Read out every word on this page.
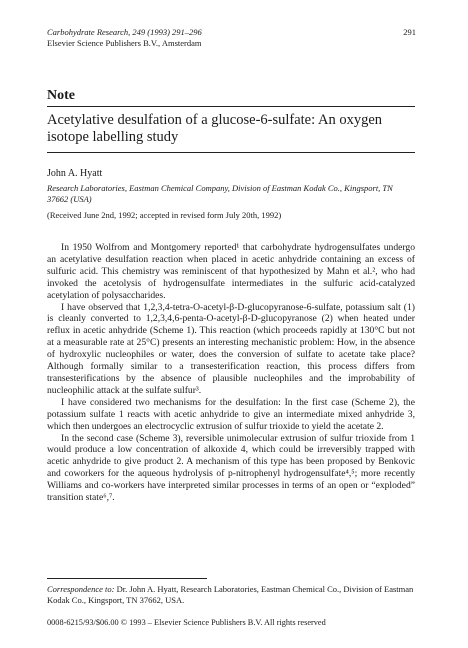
Carbohydrate Research, 249 (1993) 291–296
Elsevier Science Publishers B.V., Amsterdam
291
Note
Acetylative desulfation of a glucose-6-sulfate: An oxygen isotope labelling study
John A. Hyatt
Research Laboratories, Eastman Chemical Company, Division of Eastman Kodak Co., Kingsport, TN 37662 (USA)
(Received June 2nd, 1992; accepted in revised form July 20th, 1992)

In 1950 Wolfrom and Montgomery reported¹ that carbohydrate hydrogensulfates undergo an acetylative desulfation reaction when placed in acetic anhydride containing an excess of sulfuric acid. This chemistry was reminiscent of that hypothesized by Mahn et al.², who had invoked the acetolysis of hydrogensulfate intermediates in the sulfuric acid-catalyzed acetylation of polysaccharides.

I have observed that 1,2,3,4-tetra-O-acetyl-β-D-glucopyranose-6-sulfate, potassium salt (1) is cleanly converted to 1,2,3,4,6-penta-O-acetyl-β-D-glucopyranose (2) when heated under reflux in acetic anhydride (Scheme 1). This reaction (which proceeds rapidly at 130°C but not at a measurable rate at 25°C) presents an interesting mechanistic problem: How, in the absence of hydroxylic nucleophiles or water, does the conversion of sulfate to acetate take place? Although formally similar to a transesterification reaction, this process differs from transesterifications by the absence of plausible nucleophiles and the improbability of nucleophilic attack at the sulfate sulfur³.

I have considered two mechanisms for the desulfation: In the first case (Scheme 2), the potassium sulfate 1 reacts with acetic anhydride to give an intermediate mixed anhydride 3, which then undergoes an electrocyclic extrusion of sulfur trioxide to yield the acetate 2.

In the second case (Scheme 3), reversible unimolecular extrusion of sulfur trioxide from 1 would produce a low concentration of alkoxide 4, which could be irreversibly trapped with acetic anhydride to give product 2. A mechanism of this type has been proposed by Benkovic and coworkers for the aqueous hydrolysis of p-nitrophenyl hydrogensulfate⁴,⁵; more recently Williams and co-workers have interpreted similar processes in terms of an open or “exploded” transition state⁶,⁷.

Correspondence to: Dr. John A. Hyatt, Research Laboratories, Eastman Chemical Co., Division of Eastman Kodak Co., Kingsport, TN 37662, USA.
0008-6215/93/$06.00 © 1993 – Elsevier Science Publishers B.V. All rights reserved
